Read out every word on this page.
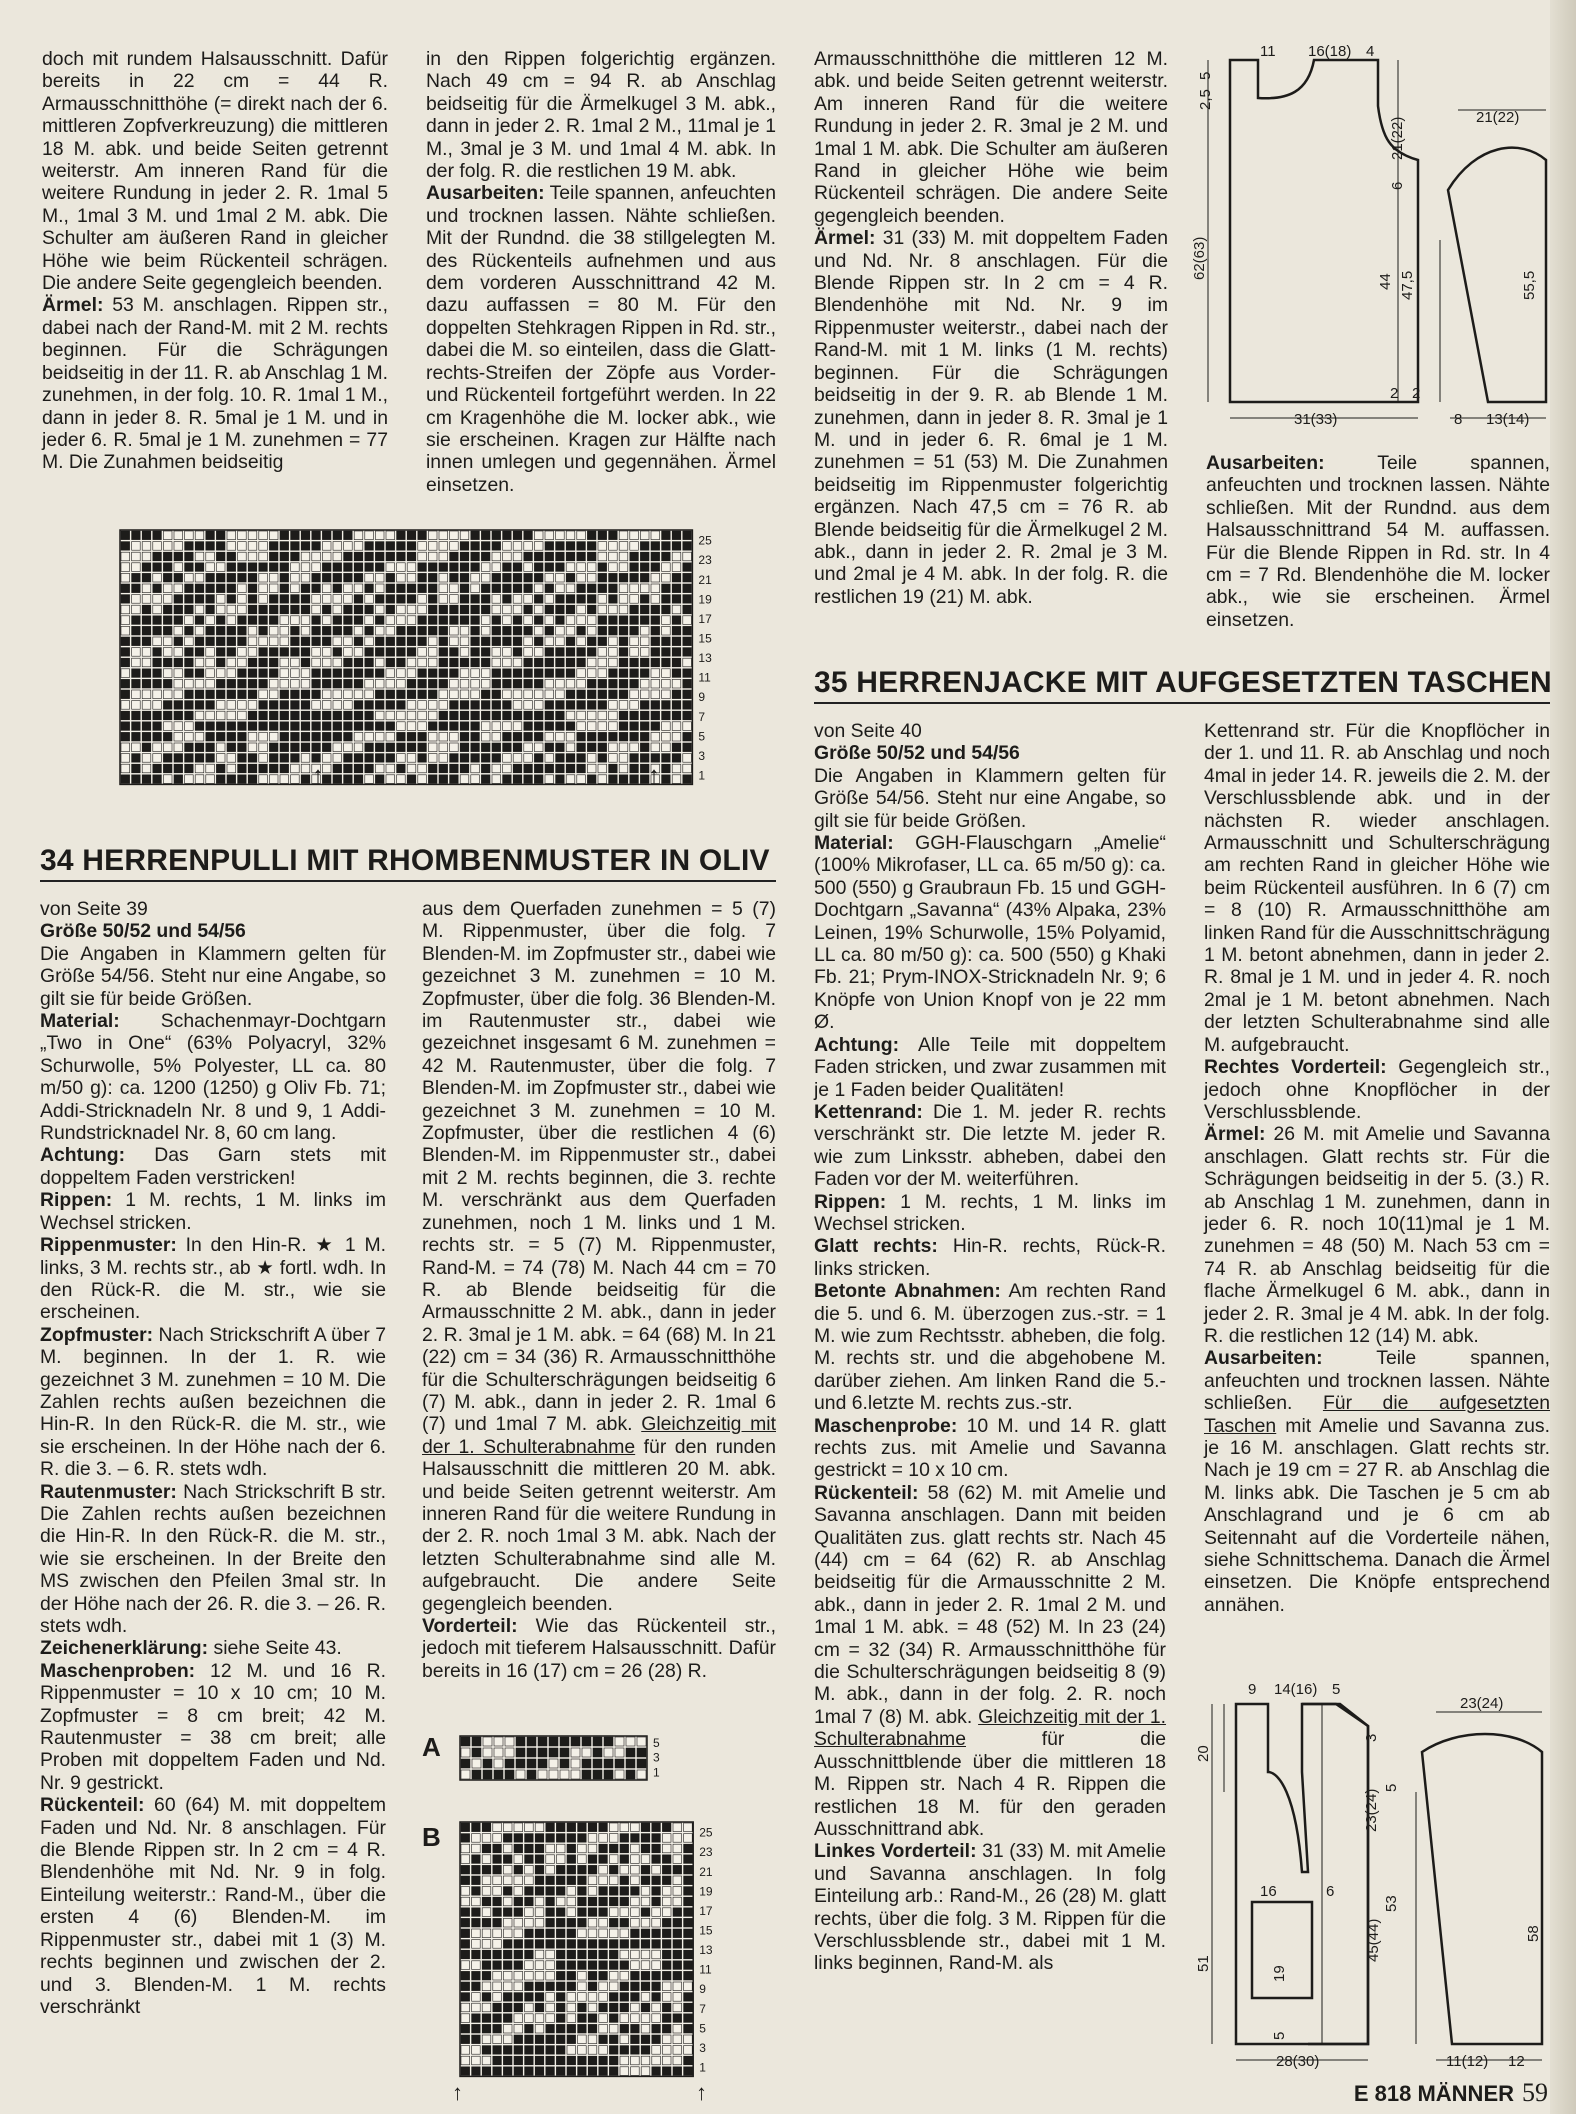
doch mit rundem Halsausschnitt. Dafür bereits in 22 cm = 44 R. Armausschnitthöhe (= direkt nach der 6. mittleren Zopfverkreuzung) die mittleren 18 M. abk. und beide Seiten getrennt weiterstr. Am inneren Rand für die weitere Rundung in jeder 2. R. 1mal 5 M., 1mal 3 M. und 1mal 2 M. abk. Die Schulter am äußeren Rand in gleicher Höhe wie beim Rückenteil schrägen. Die andere Seite gegengleich beenden.

Ärmel: 53 M. anschlagen. Rippen str., dabei nach der Rand-M. mit 2 M. rechts beginnen. Für die Schrägungen beidseitig in der 11. R. ab Anschlag 1 M. zunehmen, in der folg. 10. R. 1mal 1 M., dann in jeder 8. R. 5mal je 1 M. und in jeder 6. R. 5mal je 1 M. zunehmen = 77 M. Die Zunahmen beidseitig

in den Rippen folgerichtig ergänzen. Nach 49 cm = 94 R. ab Anschlag beidseitig für die Ärmelkugel 3 M. abk., dann in jeder 2. R. 1mal 2 M., 11mal je 1 M., 3mal je 3 M. und 1mal 4 M. abk. In der folg. R. die restlichen 19 M. abk.

Ausarbeiten: Teile spannen, anfeuchten und trocknen lassen. Nähte schließen. Mit der Rundnd. die 38 stillgelegten M. des Rückenteils aufnehmen und aus dem vorderen Ausschnittrand 42 M. dazu auffassen = 80 M. Für den doppelten Stehkragen Rippen in Rd. str., dabei die M. so einteilen, dass die Glatt-rechts-Streifen der Zöpfe aus Vorder- und Rückenteil fortgeführt werden. In 22 cm Kragenhöhe die M. locker abk., wie sie erscheinen. Kragen zur Hälfte nach innen umlegen und gegennähen. Ärmel einsetzen.

25
23
21
19
17
15
13
11
9
7
5
3
1
↑	↑
34 HERRENPULLI MIT RHOMBENMUSTER IN OLIV

von Seite 39

Größe 50/52 und 54/56

Die Angaben in Klammern gelten für Größe 54/56. Steht nur eine Angabe, so gilt sie für beide Größen.

Material: Schachenmayr-Dochtgarn „Two in One“ (63% Polyacryl, 32% Schurwolle, 5% Polyester, LL ca. 80 m/50 g): ca. 1200 (1250) g Oliv Fb. 71; Addi-Stricknadeln Nr. 8 und 9, 1 Addi-Rundstricknadel Nr. 8, 60 cm lang.

Achtung: Das Garn stets mit doppeltem Faden verstricken!

Rippen: 1 M. rechts, 1 M. links im Wechsel stricken.

Rippenmuster: In den Hin-R. ★ 1 M. links, 3 M. rechts str., ab ★ fortl. wdh. In den Rück-R. die M. str., wie sie erscheinen.

Zopfmuster: Nach Strickschrift A über 7 M. beginnen. In der 1. R. wie gezeichnet 3 M. zunehmen = 10 M. Die Zahlen rechts außen bezeichnen die Hin-R. In den Rück-R. die M. str., wie sie erscheinen. In der Höhe nach der 6. R. die 3. – 6. R. stets wdh.

Rautenmuster: Nach Strickschrift B str. Die Zahlen rechts außen bezeichnen die Hin-R. In den Rück-R. die M. str., wie sie erscheinen. In der Breite den MS zwischen den Pfeilen 3mal str. In der Höhe nach der 26. R. die 3. – 26. R. stets wdh.

Zeichenerklärung: siehe Seite 43.

Maschenproben: 12 M. und 16 R. Rippenmuster = 10 x 10 cm; 10 M. Zopfmuster = 8 cm breit; 42 M. Rautenmuster = 38 cm breit; alle Proben mit doppeltem Faden und Nd. Nr. 9 gestrickt.

Rückenteil: 60 (64) M. mit doppeltem Faden und Nd. Nr. 8 anschlagen. Für die Blende Rippen str. In 2 cm = 4 R. Blendenhöhe mit Nd. Nr. 9 in folg. Einteilung weiterstr.: Rand-M., über die ersten 4 (6) Blenden-M. im Rippenmuster str., dabei mit 1 (3) M. rechts beginnen und zwischen der 2. und 3. Blenden-M. 1 M. rechts verschränkt

aus dem Querfaden zunehmen = 5 (7) M. Rippenmuster, über die folg. 7 Blenden-M. im Zopfmuster str., dabei wie gezeichnet 3 M. zunehmen = 10 M. Zopfmuster, über die folg. 36 Blenden-M. im Rautenmuster str., dabei wie gezeichnet insgesamt 6 M. zunehmen = 42 M. Rautenmuster, über die folg. 7 Blenden-M. im Zopfmuster str., dabei wie gezeichnet 3 M. zunehmen = 10 M. Zopfmuster, über die restlichen 4 (6) Blenden-M. im Rippenmuster str., dabei mit 2 M. rechts beginnen, die 3. rechte M. verschränkt aus dem Querfaden zunehmen, noch 1 M. links und 1 M. rechts str. = 5 (7) M. Rippenmuster, Rand-M. = 74 (78) M. Nach 44 cm = 70 R. ab Blende beidseitig für die Armausschnitte 2 M. abk., dann in jeder 2. R. 3mal je 1 M. abk. = 64 (68) M. In 21 (22) cm = 34 (36) R. Armausschnitthöhe für die Schulterschrägungen beidseitig 6 (7) M. abk., dann in jeder 2. R. 1mal 6 (7) und 1mal 7 M. abk. Gleichzeitig mit der 1. Schulterabnahme für den runden Halsausschnitt die mittleren 20 M. abk. und beide Seiten getrennt weiterstr. Am inneren Rand für die weitere Rundung in der 2. R. noch 1mal 3 M. abk. Nach der letzten Schulterabnahme sind alle M. aufgebraucht. Die andere Seite gegengleich beenden.

Vorderteil: Wie das Rückenteil str., jedoch mit tieferem Halsausschnitt. Dafür bereits in 16 (17) cm = 26 (28) R.

A	5
3
1
B	25
23
21
19
17
15
13
11
9
7
5
3
1
↑	↑

Armausschnitthöhe die mittleren 12 M. abk. und beide Seiten getrennt weiterstr. Am inneren Rand für die weitere Rundung in jeder 2. R. 3mal je 2 M. und 1mal 1 M. abk. Die Schulter am äußeren Rand in gleicher Höhe wie beim Rückenteil schrägen. Die andere Seite gegengleich beenden.

Ärmel: 31 (33) M. mit doppeltem Faden und Nd. Nr. 8 anschlagen. Für die Blende Rippen str. In 2 cm = 4 R. Blendenhöhe mit Nd. Nr. 9 im Rippenmuster weiterstr., dabei nach der Rand-M. mit 1 M. links (1 M. rechts) beginnen. Für die Schrägungen beidseitig in der 9. R. ab Blende 1 M. zunehmen, dann in jeder 8. R. 3mal je 1 M. und in jeder 6. R. 6mal je 1 M. zunehmen = 51 (53) M. Die Zunahmen beidseitig im Rippenmuster folgerichtig ergänzen. Nach 47,5 cm = 76 R. ab Blende beidseitig für die Ärmelkugel 2 M. abk., dann in jeder 2. R. 2mal je 3 M. und 2mal je 4 M. abk. In der folg. R. die restlichen 19 (21) M. abk.

11 16(18) 4
5
2,5
21(22)
6
62(63)
44 47,5
2 2
31(33)
21(22)
55,5
8 13(14)

Ausarbeiten:	Teile spannen, anfeuchten und trocknen lassen. Nähte schließen. Mit der Rundnd. aus dem Halsausschnittrand 54 M. auffassen. Für die Blende Rippen in Rd. str. In 4 cm = 7 Rd. Blendenhöhe die M. locker abk., wie sie erscheinen. Ärmel einsetzen.

35 HERRENJACKE MIT AUFGESETZTEN TASCHEN

von Seite 40

Größe 50/52 und 54/56

Die Angaben in Klammern gelten für Größe 54/56. Steht nur eine Angabe, so gilt sie für beide Größen.

Material: GGH-Flauschgarn „Amelie“ (100% Mikrofaser, LL ca. 65 m/50 g): ca. 500 (550) g Graubraun Fb. 15 und GGH-Dochtgarn „Savanna“ (43% Alpaka, 23% Leinen, 19% Schurwolle, 15% Polyamid, LL ca. 80 m/50 g): ca. 500 (550) g Khaki Fb. 21; Prym-INOX-Stricknadeln Nr. 9; 6 Knöpfe von Union Knopf von je 22 mm Ø.

Achtung: Alle Teile mit doppeltem Faden stricken, und zwar zusammen mit je 1 Faden beider Qualitäten!

Kettenrand: Die 1. M. jeder R. rechts verschränkt str. Die letzte M. jeder R. wie zum Linksstr. abheben, dabei den Faden vor der M. weiterführen.

Rippen: 1 M. rechts, 1 M. links im Wechsel stricken.

Glatt rechts: Hin-R. rechts, Rück-R. links stricken.

Betonte Abnahmen: Am rechten Rand die 5. und 6. M. überzogen zus.-str. = 1 M. wie zum Rechtsstr. abheben, die folg. M. rechts str. und die abgehobene M. darüber ziehen. Am linken Rand die 5.- und 6.letzte M. rechts zus.-str.

Maschenprobe: 10 M. und 14 R. glatt rechts zus. mit Amelie und Savanna gestrickt = 10 x 10 cm.

Rückenteil: 58 (62) M. mit Amelie und Savanna anschlagen. Dann mit beiden Qualitäten zus. glatt rechts str. Nach 45 (44) cm = 64 (62) R. ab Anschlag beidseitig für die Armausschnitte 2 M. abk., dann in jeder 2. R. 1mal 2 M. und 1mal 1 M. abk. = 48 (52) M. In 23 (24) cm = 32 (34) R. Armausschnitthöhe für die Schulterschrägungen beidseitig 8 (9) M. abk., dann in der folg. 2. R. noch 1mal 7 (8) M. abk. Gleichzeitig mit der 1. Schulterabnahme	für die Ausschnittblende über die mittleren 18 M. Rippen str. Nach 4 R. Rippen die restlichen 18 M. für den geraden Ausschnittrand abk.

Linkes Vorderteil: 31 (33) M. mit Amelie und Savanna anschlagen. In folg Einteilung arb.: Rand-M., 26 (28) M. glatt rechts, über die folg. 3 M. Rippen für die Verschlussblende str., dabei mit 1 M. links beginnen, Rand-M. als

Kettenrand str. Für die Knopflöcher in der 1. und 11. R. ab Anschlag und noch 4mal in jeder 14. R. jeweils die 2. M. der Verschlussblende abk. und in der nächsten R. wieder anschlagen. Armausschnitt und Schulterschrägung am rechten Rand in gleicher Höhe wie beim Rückenteil ausführen. In 6 (7) cm = 8 (10) R. Armausschnitthöhe am linken Rand für die Ausschnittschrägung 1 M. betont abnehmen, dann in jeder 2. R. 8mal je 1 M. und in jeder 4. R. noch 2mal je 1 M. betont abnehmen. Nach der letzten Schulterabnahme sind alle M. aufgebraucht.

Rechtes Vorderteil: Gegengleich str., jedoch ohne Knopflöcher in der Verschlussblende.

Ärmel: 26 M. mit Amelie und Savanna anschlagen. Glatt rechts str. Für die Schrägungen beidseitig in der 5. (3.) R. ab Anschlag 1 M. zunehmen, dann in jeder 6. R. noch 10(11)mal je 1 M. zunehmen = 48 (50) M. Nach 53 cm = 74 R. ab Anschlag beidseitig für die flache Ärmelkugel 6 M. abk., dann in jeder 2. R. 3mal je 4 M. abk. In der folg. R. die restlichen 12 (14) M. abk.

Ausarbeiten:	Teile spannen, anfeuchten und trocknen lassen. Nähte schließen. Für die aufgesetzten Taschen mit Amelie und Savanna zus. je 16 M. anschlagen. Glatt rechts str. Nach je 19 cm = 27 R. ab Anschlag die M. links abk. Die Taschen je 5 cm ab Anschlagrand und je 6 cm ab Seitennaht auf die Vorderteile nähen, siehe Schnittschema. Danach die Ärmel einsetzen. Die Knöpfe entsprechend annähen.

9 14(16) 5
20
3
23(24)
5
53
45(44)
51
16	6
19
5
28(30)
23(24)
58
11(12) 12
E 818 MÄNNER 59
